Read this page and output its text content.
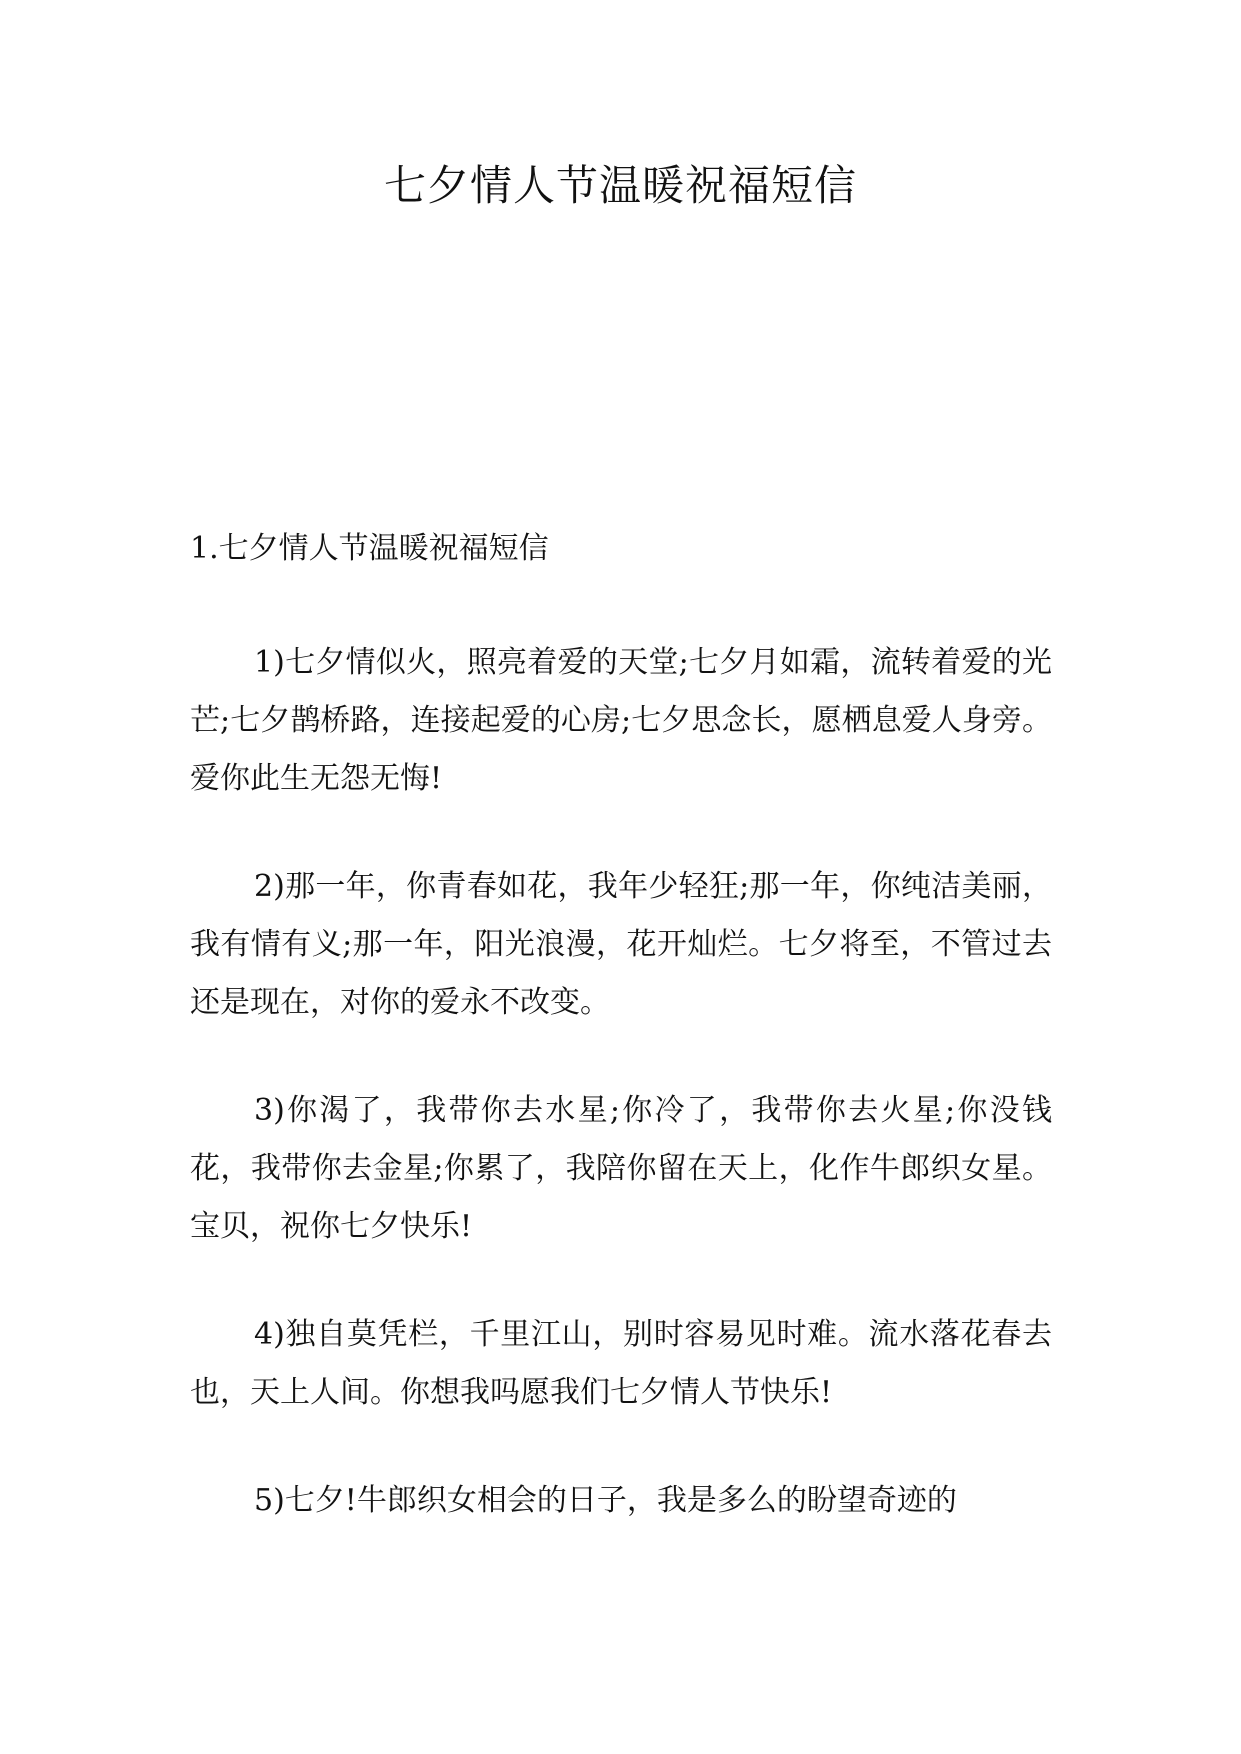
七夕情人节温暖祝福短信
1.七夕情人节温暖祝福短信

1)七夕情似火，照亮着爱的天堂;七夕月如霜，流转着爱的光芒;七夕鹊桥路，连接起爱的心房;七夕思念长，愿栖息爱人身旁。爱你此生无怨无悔!

2)那一年，你青春如花，我年少轻狂;那一年，你纯洁美丽，我有情有义;那一年，阳光浪漫，花开灿烂。七夕将至，不管过去还是现在，对你的爱永不改变。

3)你渴了，我带你去水星;你冷了，我带你去火星;你没钱花，我带你去金星;你累了，我陪你留在天上，化作牛郎织女星。宝贝，祝你七夕快乐!

4)独自莫凭栏，千里江山，别时容易见时难。流水落花春去也，天上人间。你想我吗愿我们七夕情人节快乐!

5)七夕!牛郎织女相会的日子，我是多么的盼望奇迹的
